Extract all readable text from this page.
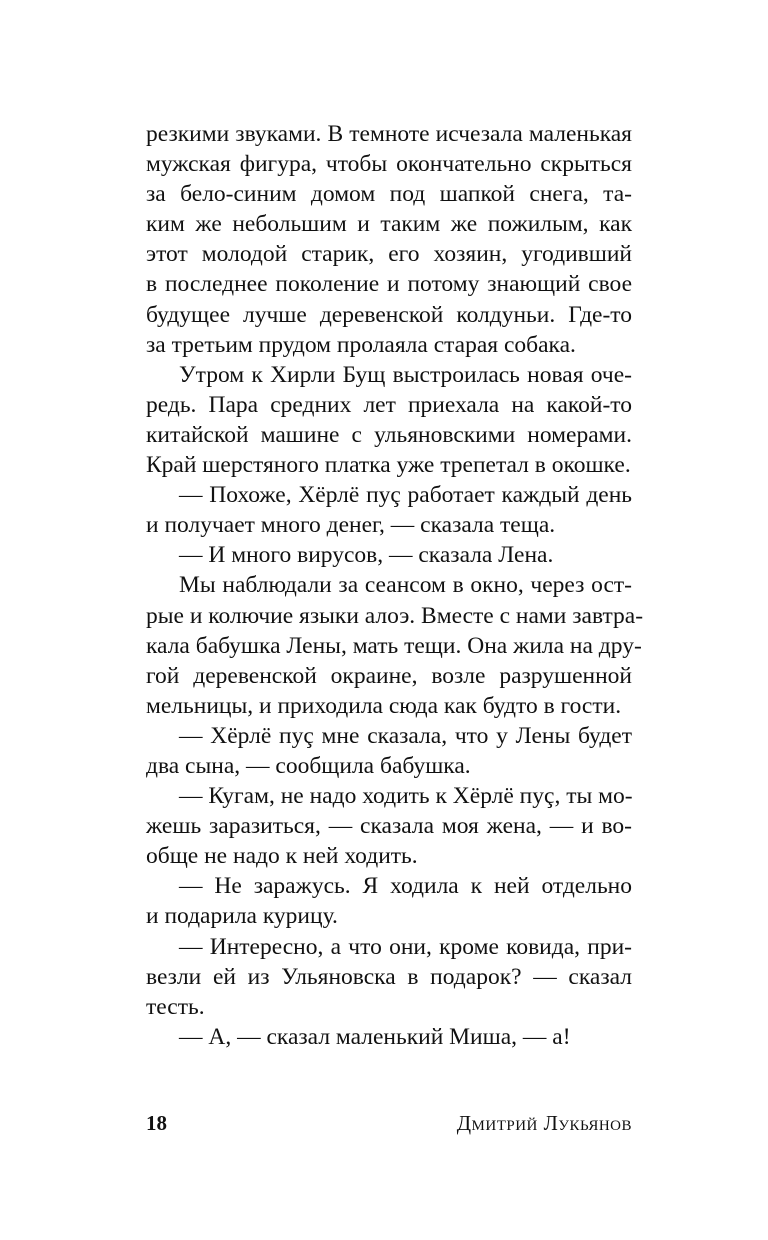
резкими звуками. В темноте исчезала маленькая
мужская фигура, чтобы окончательно скрыться
за бело-синим домом под шапкой снега, та-
ким же небольшим и таким же пожилым, как
этот молодой старик, его хозяин, угодивший
в последнее поколение и потому знающий свое
будущее лучше деревенской колдуньи. Где-то
за третьим прудом пролаяла старая собака.
Утром к Хирли Бущ выстроилась новая оче-
редь. Пара средних лет приехала на какой-то
китайской машине с ульяновскими номерами.
Край шерстяного платка уже трепетал в окошке.
— Похоже, Хёрлё пуç работает каждый день
и получает много денег, — сказала теща.
— И много вирусов, — сказала Лена.
Мы наблюдали за сеансом в окно, через ост-
рые и колючие языки алоэ. Вместе с нами завтра-
кала бабушка Лены, мать тещи. Она жила на дру-
гой деревенской окраине, возле разрушенной
мельницы, и приходила сюда как будто в гости.
— Хёрлё пуç мне сказала, что у Лены будет
два сына, — сообщила бабушка.
— Кугам, не надо ходить к Хёрлё пуç, ты мо-
жешь заразиться, — сказала моя жена, — и во-
обще не надо к ней ходить.
— Не заражусь. Я ходила к ней отдельно
и подарила курицу.
— Интересно, а что они, кроме ковида, при-
везли ей из Ульяновска в подарок? — сказал
тесть.
— А, — сказал маленький Миша, — а!
18	Дмитрий Лукьянов
